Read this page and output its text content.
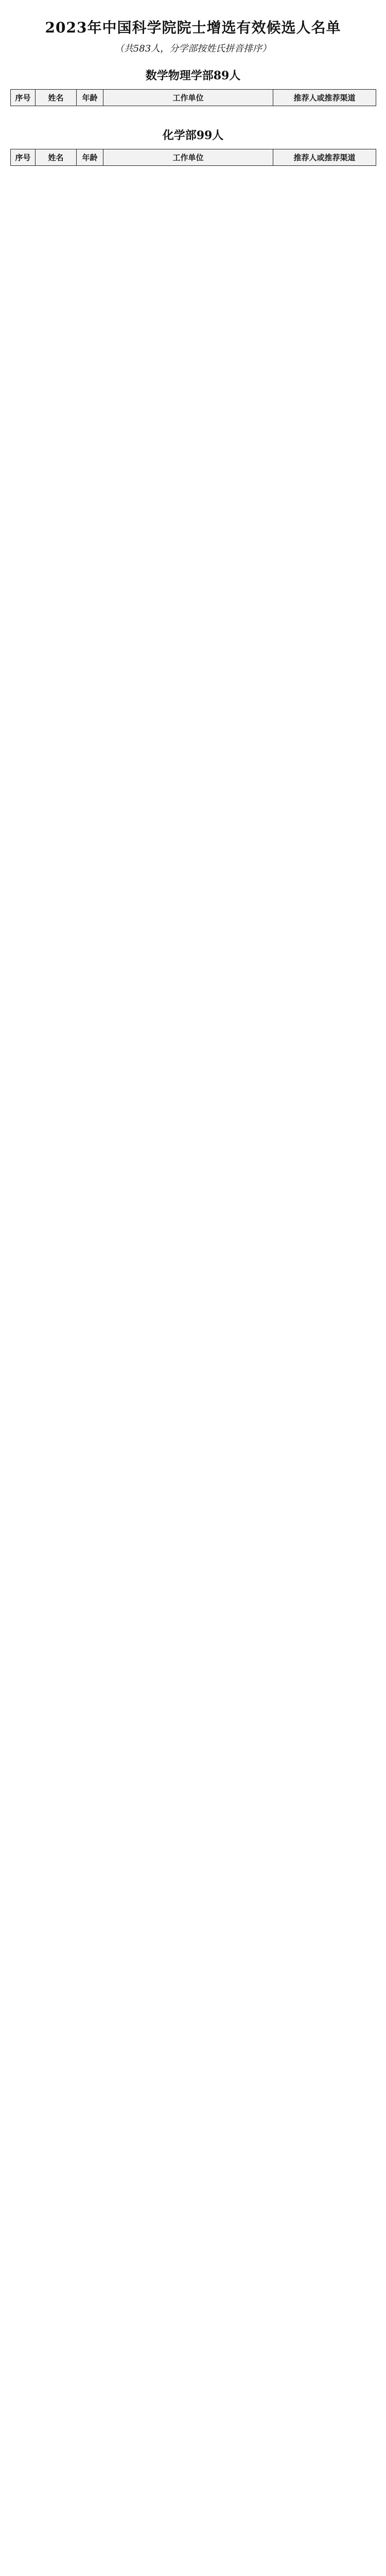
2023年中国科学院院士增选有效候选人名单

（共583人，分学部按姓氏拼音排序）

数学物理学部89人
序号	姓名	年龄	工作单位	推荐人或推荐渠道
化学部99人
序号	姓名	年龄	工作单位	推荐人或推荐渠道
